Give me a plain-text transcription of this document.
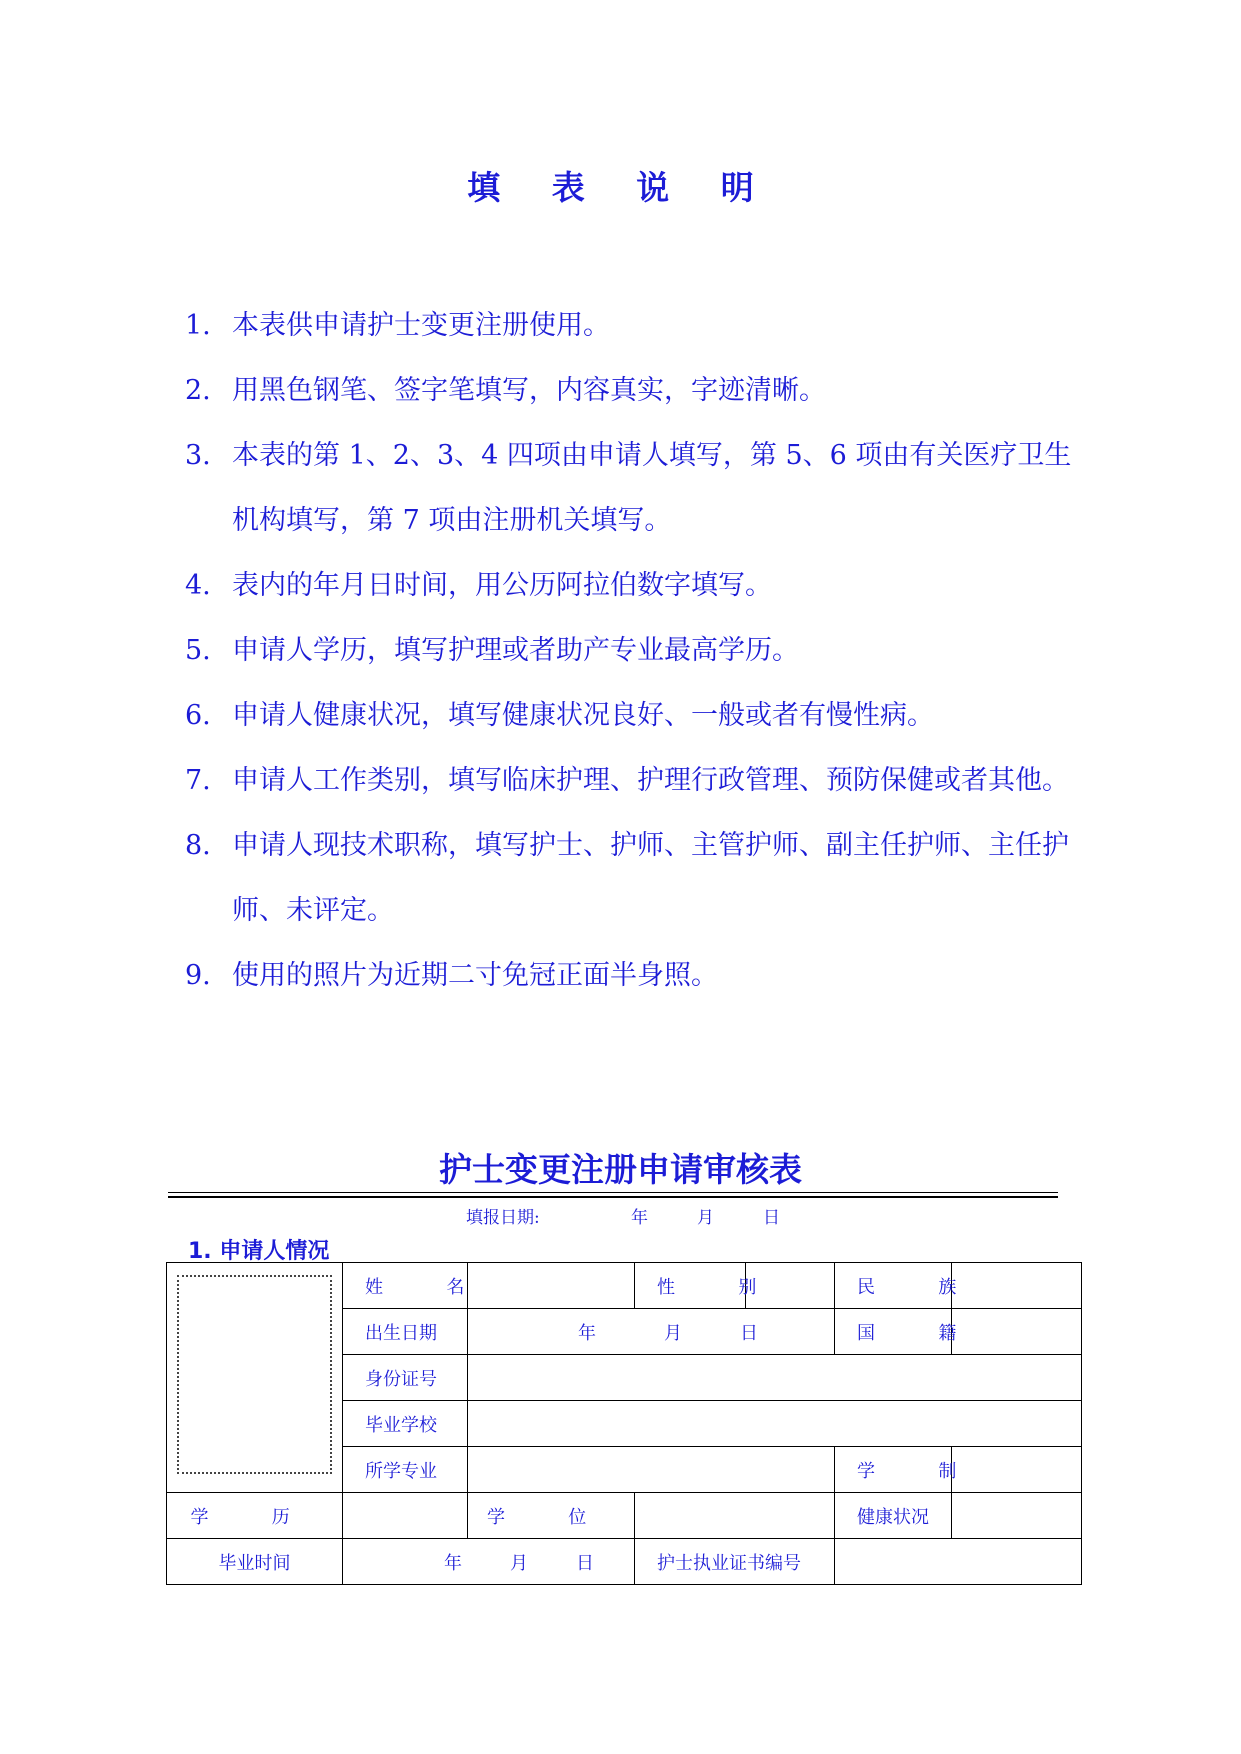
填 表 说 明
1. 本表供申请护士变更注册使用。
2. 用黑色钢笔、签字笔填写，内容真实，字迹清晰。
3. 本表的第 1、2、3、4 四项由申请人填写，第 5、6 项由有关医疗卫生机构填写，第 7 项由注册机关填写。
4. 表内的年月日时间，用公历阿拉伯数字填写。
5. 申请人学历，填写护理或者助产专业最高学历。
6. 申请人健康状况，填写健康状况良好、一般或者有慢性病。
7. 申请人工作类别，填写临床护理、护理行政管理、预防保健或者其他。
8. 申请人现技术职称，填写护士、护师、主管护师、副主任护师、主任护师、未评定。
9. 使用的照片为近期二寸免冠正面半身照。
护士变更注册申请审核表
填报日期:	年	月	日
1. 申请人情况
	姓 名		性 别		民 族	
	出生日期	年 月 日			国 籍	
	身份证号					
	毕业学校					
	所学专业				学 制	
学 历		学 位			健康状况	
毕业时间	年 月 日		护士执业证书编号			
